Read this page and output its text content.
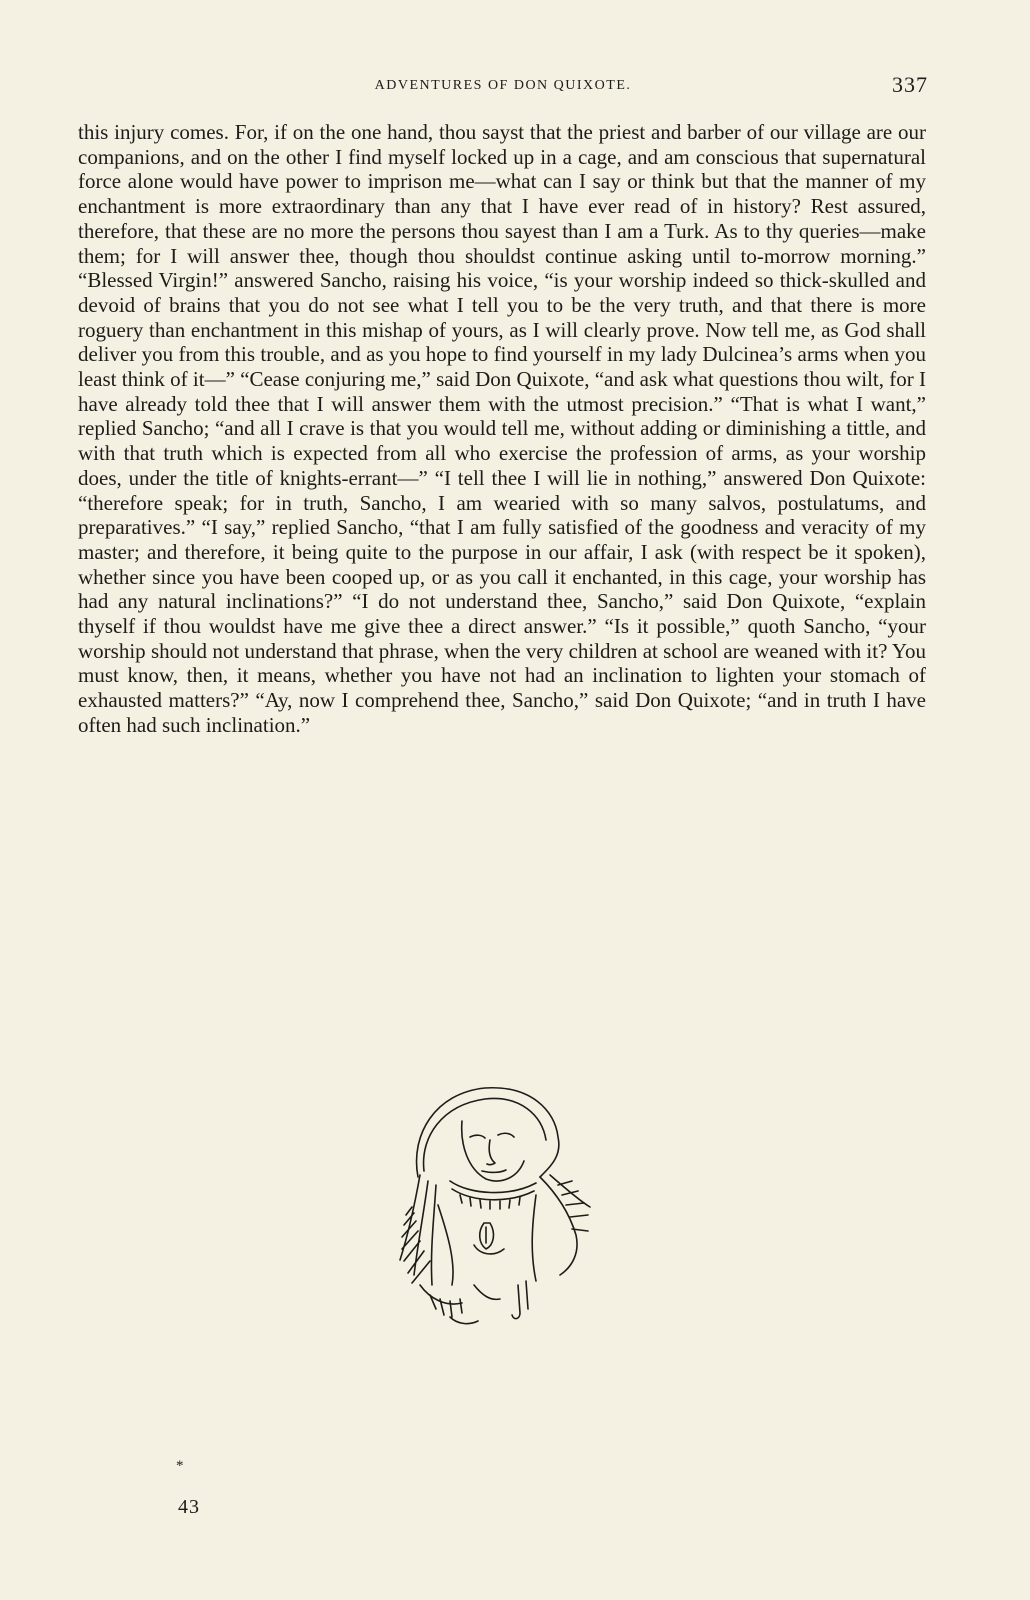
ADVENTURES OF DON QUIXOTE.	337

this injury comes. For, if on the one hand, thou sayst that the priest and barber of our village are our companions, and on the other I find myself locked up in a cage, and am conscious that supernatural force alone would have power to imprison me—what can I say or think but that the manner of my enchantment is more extraordinary than any that I have ever read of in history? Rest assured, therefore, that these are no more the persons thou sayest than I am a Turk. As to thy queries—make them; for I will answer thee, though thou shouldst continue asking until to-morrow morning.” “Blessed Virgin!” answered Sancho, raising his voice, “is your worship indeed so thick-skulled and devoid of brains that you do not see what I tell you to be the very truth, and that there is more roguery than enchantment in this mishap of yours, as I will clearly prove. Now tell me, as God shall deliver you from this trouble, and as you hope to find yourself in my lady Dulcinea’s arms when you least think of it—” “Cease conjuring me,” said Don Quixote, “and ask what questions thou wilt, for I have already told thee that I will answer them with the utmost precision.” “That is what I want,” replied Sancho; “and all I crave is that you would tell me, without adding or diminishing a tittle, and with that truth which is expected from all who exercise the profession of arms, as your worship does, under the title of knights-errant—” “I tell thee I will lie in nothing,” answered Don Quixote: “therefore speak; for in truth, Sancho, I am wearied with so many salvos, postulatums, and preparatives.” “I say,” replied Sancho, “that I am fully satisfied of the goodness and veracity of my master; and therefore, it being quite to the purpose in our affair, I ask (with respect be it spoken), whether since you have been cooped up, or as you call it enchanted, in this cage, your worship has had any natural inclinations?” “I do not understand thee, Sancho,” said Don Quixote, “explain thyself if thou wouldst have me give thee a direct answer.” “Is it possible,” quoth Sancho, “your worship should not understand that phrase, when the very children at school are weaned with it? You must know, then, it means, whether you have not had an inclination to lighten your stomach of exhausted matters?” “Ay, now I comprehend thee, Sancho,” said Don Quixote; “and in truth I have often had such inclination.”

*
43
